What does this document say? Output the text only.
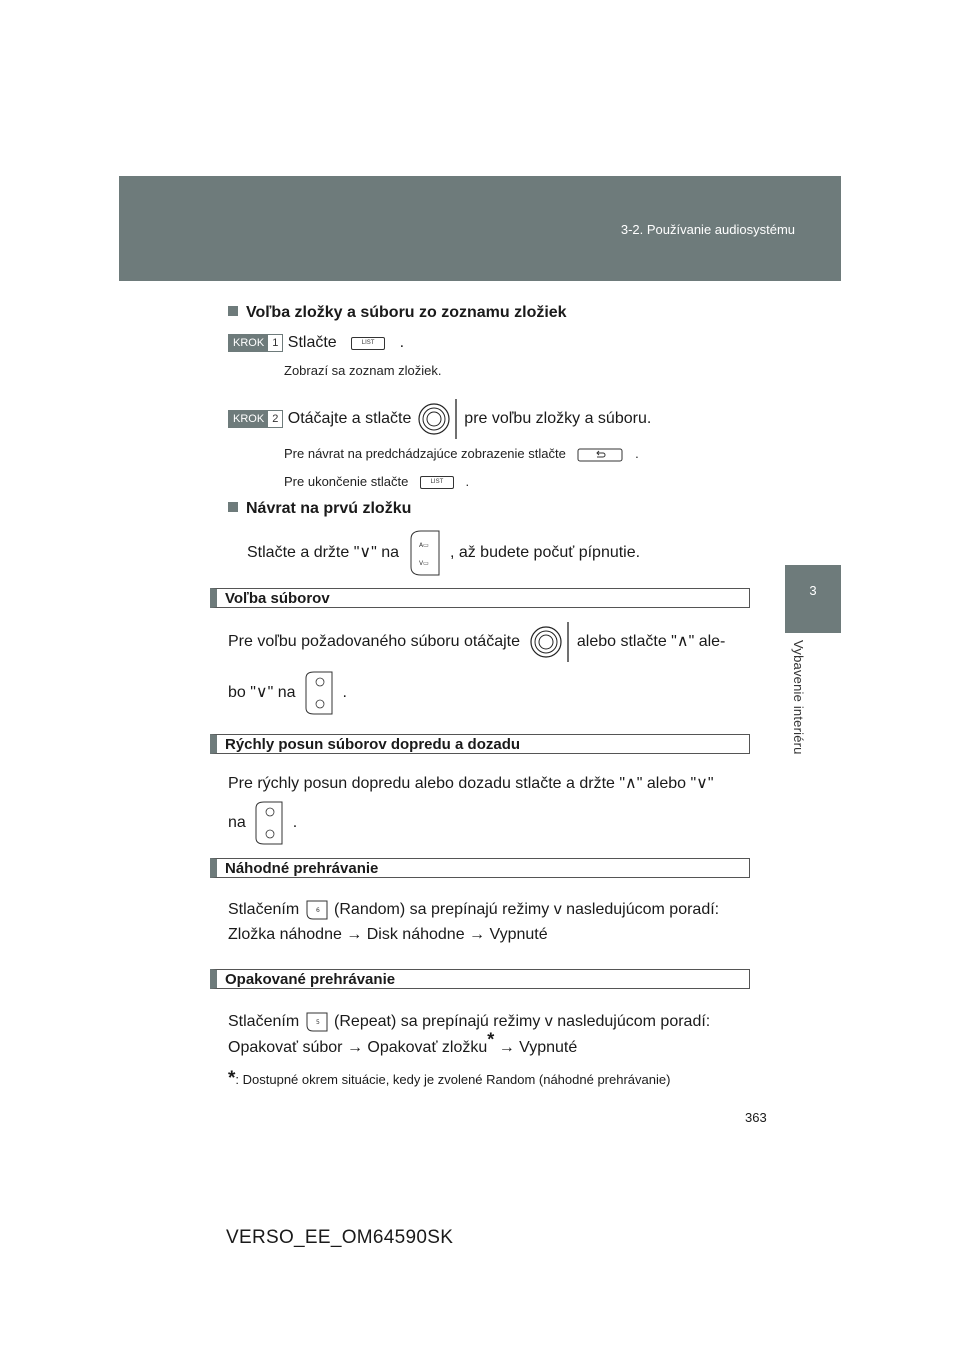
3-2. Používanie audiosystému
3
Vybavenie interiéru
Voľba zložky a súboru zo zoznamu zložiek
KROK 1 Stlačte	LIST .
Zobrazí sa zoznam zložiek.
KROK 2 Otáčajte a stlačte	pre voľbu zložky a súboru.
Pre návrat na predchádzajúce zobrazenie stlačte	.
Pre ukončenie stlačte	LIST .
Návrat na prvú zložku
Stlačte a držte "∨" na	A▭
V▭
, až budete počuť pípnutie.
Voľba súborov
Pre voľbu požadovaného súboru otáčajte	alebo stlačte "∧" ale-
bo "∨" na	.
Rýchly posun súborov dopredu a dozadu
Pre rýchly posun dopredu alebo dozadu stlačte a držte "∧" alebo "∨"
na	.
Náhodné prehrávanie
Stlačením	6 (Random) sa prepínajú režimy v nasledujúcom poradí:
Zložka náhodne → Disk náhodne → Vypnuté
Opakované prehrávanie
Stlačením	5 (Repeat) sa prepínajú režimy v nasledujúcom poradí:
Opakovať súbor → Opakovať zložku* → Vypnuté
*: Dostupné okrem situácie, kedy je zvolené Random (náhodné prehrávanie)
363
VERSO_EE_OM64590SK
